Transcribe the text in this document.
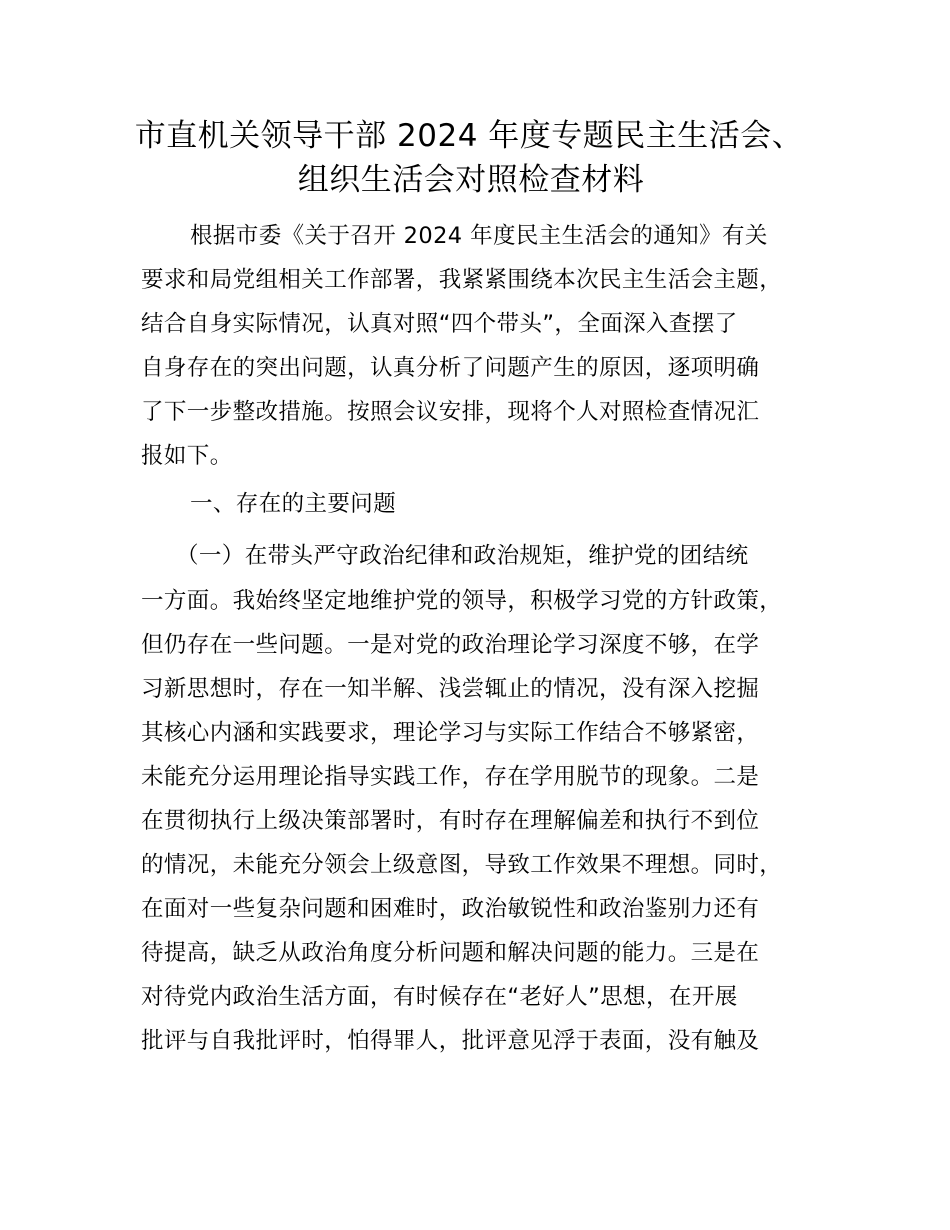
市直机关领导干部 2024 年度专题民主生活会、
组织生活会对照检查材料
根据市委《关于召开 2024 年度民主生活会的通知》有关
要求和局党组相关工作部署，我紧紧围绕本次民主生活会主题，
结合自身实际情况，认真对照“四个带头”，全面深入查摆了
自身存在的突出问题，认真分析了问题产生的原因，逐项明确
了下一步整改措施。按照会议安排，现将个人对照检查情况汇
报如下。
一、存在的主要问题
（一）在带头严守政治纪律和政治规矩，维护党的团结统
一方面。我始终坚定地维护党的领导，积极学习党的方针政策，
但仍存在一些问题。一是对党的政治理论学习深度不够，在学
习新思想时，存在一知半解、浅尝辄止的情况，没有深入挖掘
其核心内涵和实践要求，理论学习与实际工作结合不够紧密，
未能充分运用理论指导实践工作，存在学用脱节的现象。二是
在贯彻执行上级决策部署时，有时存在理解偏差和执行不到位
的情况，未能充分领会上级意图，导致工作效果不理想。同时，
在面对一些复杂问题和困难时，政治敏锐性和政治鉴别力还有
待提高，缺乏从政治角度分析问题和解决问题的能力。三是在
对待党内政治生活方面，有时候存在“老好人”思想，在开展
批评与自我批评时，怕得罪人，批评意见浮于表面，没有触及
